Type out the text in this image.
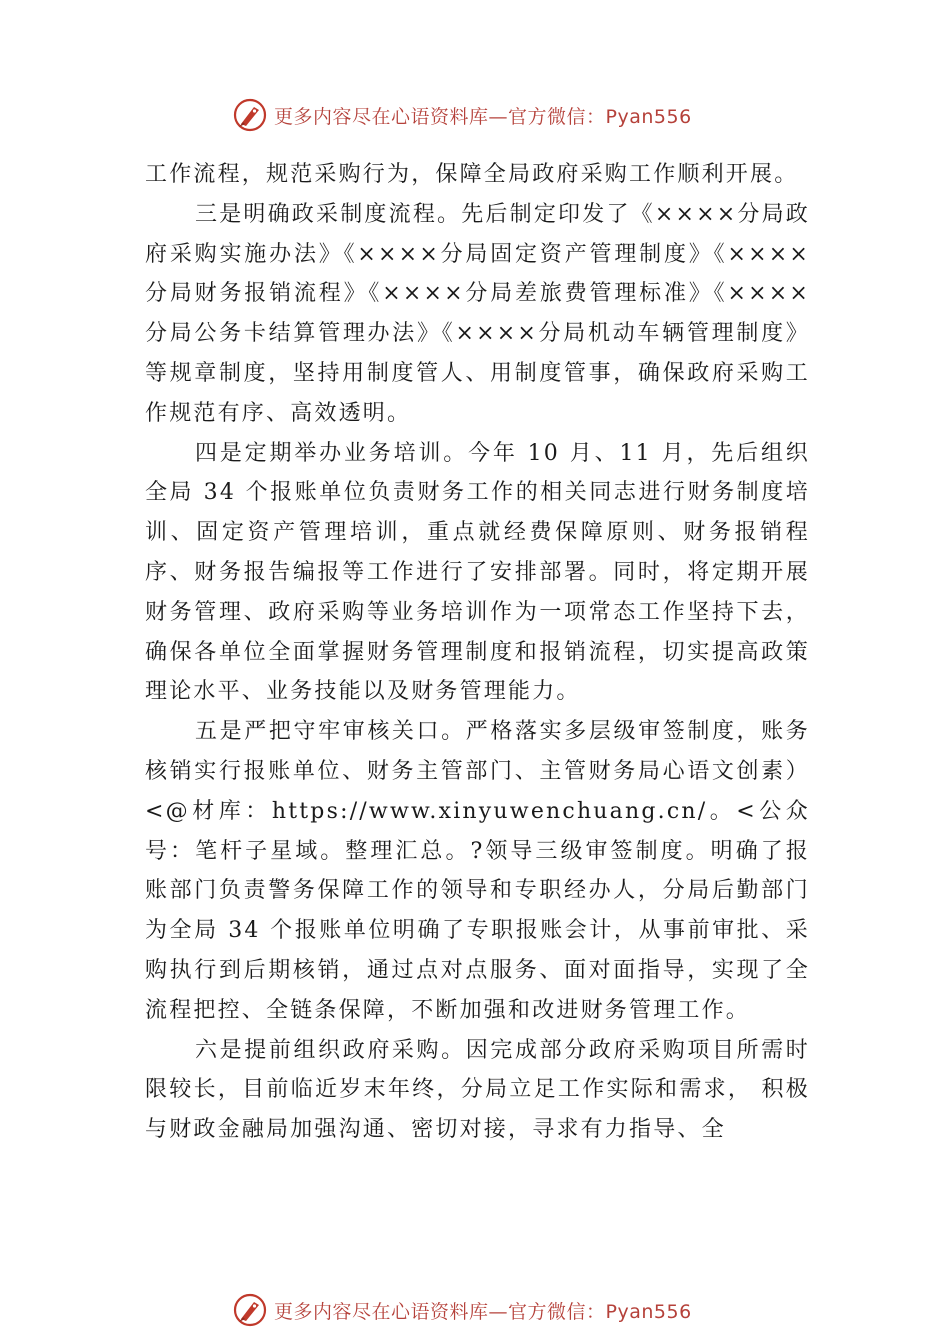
更多内容尽在心语资料库—官方微信：Pyan556

工作流程，规范采购行为，保障全局政府采购工作顺利开展。

三是明确政采制度流程。先后制定印发了《××××分局政府采购实施办法》《××××分局固定资产管理制度》《××××分局财务报销流程》《××××分局差旅费管理标准》《××××分局公务卡结算管理办法》《××××分局机动车辆管理制度》等规章制度，坚持用制度管人、用制度管事，确保政府采购工作规范有序、高效透明。

四是定期举办业务培训。今年 10 月、11 月，先后组织全局 34 个报账单位负责财务工作的相关同志进行财务制度培训、固定资产管理培训，重点就经费保障原则、财务报销程序、财务报告编报等工作进行了安排部署。同时，将定期开展财务管理、政府采购等业务培训作为一项常态工作坚持下去，确保各单位全面掌握财务管理制度和报销流程，切实提高政策理论水平、业务技能以及财务管理能力。

五是严把守牢审核关口。严格落实多层级审签制度，账务核销实行报账单位、财务主管部门、主管财务局心语文创素）<@材库：https://www.xinyuwenchuang.cn/。<公众号：笔杆子星域。整理汇总。?领导三级审签制度。明确了报账部门负责警务保障工作的领导和专职经办人，分局后勤部门为全局 34 个报账单位明确了专职报账会计，从事前审批、采购执行到后期核销，通过点对点服务、面对面指导，实现了全流程把控、全链条保障，不断加强和改进财务管理工作。

六是提前组织政府采购。因完成部分政府采购项目所需时限较长，目前临近岁末年终，分局立足工作实际和需求， 积极与财政金融局加强沟通、密切对接，寻求有力指导、全

更多内容尽在心语资料库—官方微信：Pyan556
